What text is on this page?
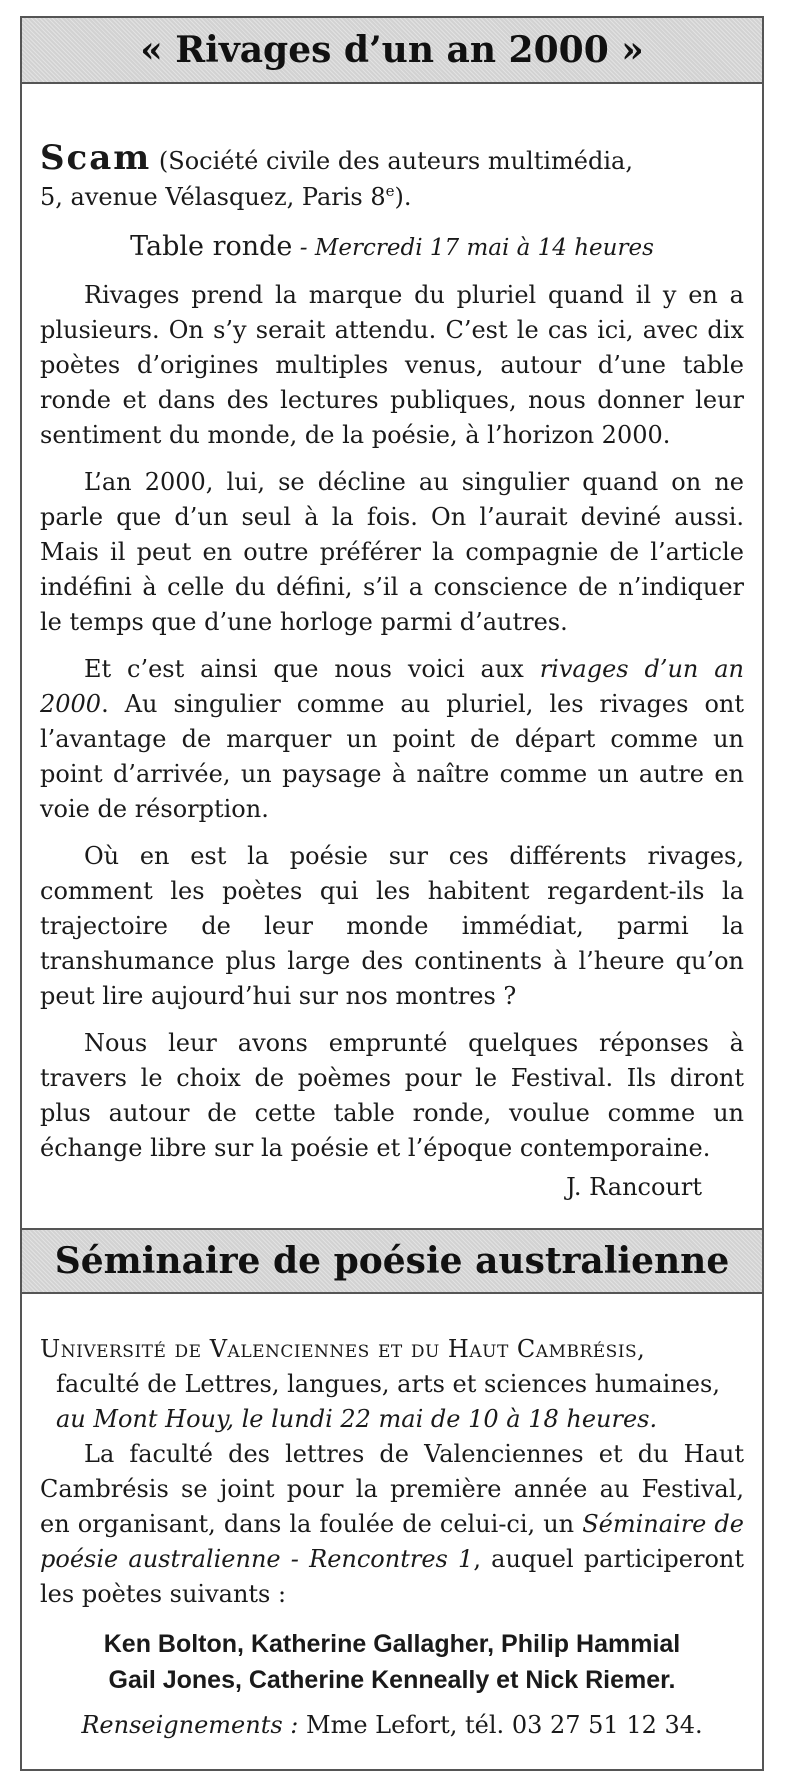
« Rivages d’un an 2000 »

Scam (Société civile des auteurs multimédia,
5, avenue Vélasquez, Paris 8e).

Table ronde - Mercredi 17 mai à 14 heures

Rivages prend la marque du pluriel quand il y en a plusieurs. On s’y serait attendu. C’est le cas ici, avec dix poètes d’origines multiples venus, autour d’une table ronde et dans des lectures publiques, nous donner leur sentiment du monde, de la poésie, à l’horizon 2000.

L’an 2000, lui, se décline au singulier quand on ne parle que d’un seul à la fois. On l’aurait deviné aussi. Mais il peut en outre préférer la compagnie de l’article indéfini à celle du défini, s’il a conscience de n’indiquer le temps que d’une horloge parmi d’autres.

Et c’est ainsi que nous voici aux rivages d’un an 2000. Au singulier comme au pluriel, les rivages ont l’avantage de marquer un point de départ comme un point d’arrivée, un paysage à naître comme un autre en voie de résorption.

Où en est la poésie sur ces différents rivages, comment les poètes qui les habitent regardent-ils la trajectoire de leur monde immédiat, parmi la transhumance plus large des continents à l’heure qu’on peut lire aujourd’hui sur nos montres ?

Nous leur avons emprunté quelques réponses à travers le choix de poèmes pour le Festival. Ils diront plus autour de cette table ronde, voulue comme un échange libre sur la poésie et l’époque contemporaine.

J. Rancourt

Séminaire de poésie australienne

Université de Valenciennes et du Haut Cambrésis,

faculté de Lettres, langues, arts et sciences humaines,

au Mont Houy, le lundi 22 mai de 10 à 18 heures.

La faculté des lettres de Valenciennes et du Haut Cambrésis se joint pour la première année au Festival, en organisant, dans la foulée de celui-ci, un Séminaire de poésie australienne - Rencontres 1, auquel participeront les poètes suivants :

Ken Bolton, Katherine Gallagher, Philip Hammial
Gail Jones, Catherine Kenneally et Nick Riemer.

Renseignements : Mme Lefort, tél. 03 27 51 12 34.
